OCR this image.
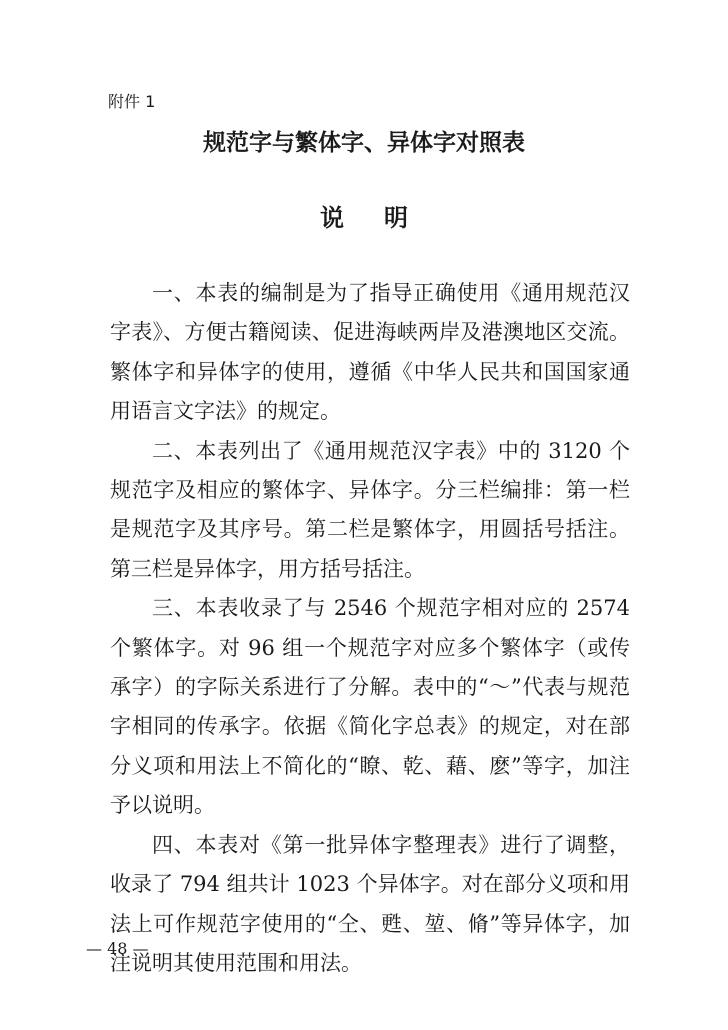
附件 1
规范字与繁体字、异体字对照表
说明

一、本表的编制是为了指导正确使用《通用规范汉字表》、方便古籍阅读、促进海峡两岸及港澳地区交流。繁体字和异体字的使用，遵循《中华人民共和国国家通用语言文字法》的规定。

二、本表列出了《通用规范汉字表》中的 3120 个规范字及相应的繁体字、异体字。分三栏编排：第一栏是规范字及其序号。第二栏是繁体字，用圆括号括注。第三栏是异体字，用方括号括注。

三、本表收录了与 2546 个规范字相对应的 2574 个繁体字。对 96 组一个规范字对应多个繁体字（或传承字）的字际关系进行了分解。表中的“～”代表与规范字相同的传承字。依据《简化字总表》的规定，对在部分义项和用法上不简化的“瞭、乾、藉、麽”等字，加注予以说明。

四、本表对《第一批异体字整理表》进行了调整，收录了 794 组共计 1023 个异体字。对在部分义项和用法上可作规范字使用的“仝、甦、堃、脩”等异体字，加注说明其使用范围和用法。

— 48 —
